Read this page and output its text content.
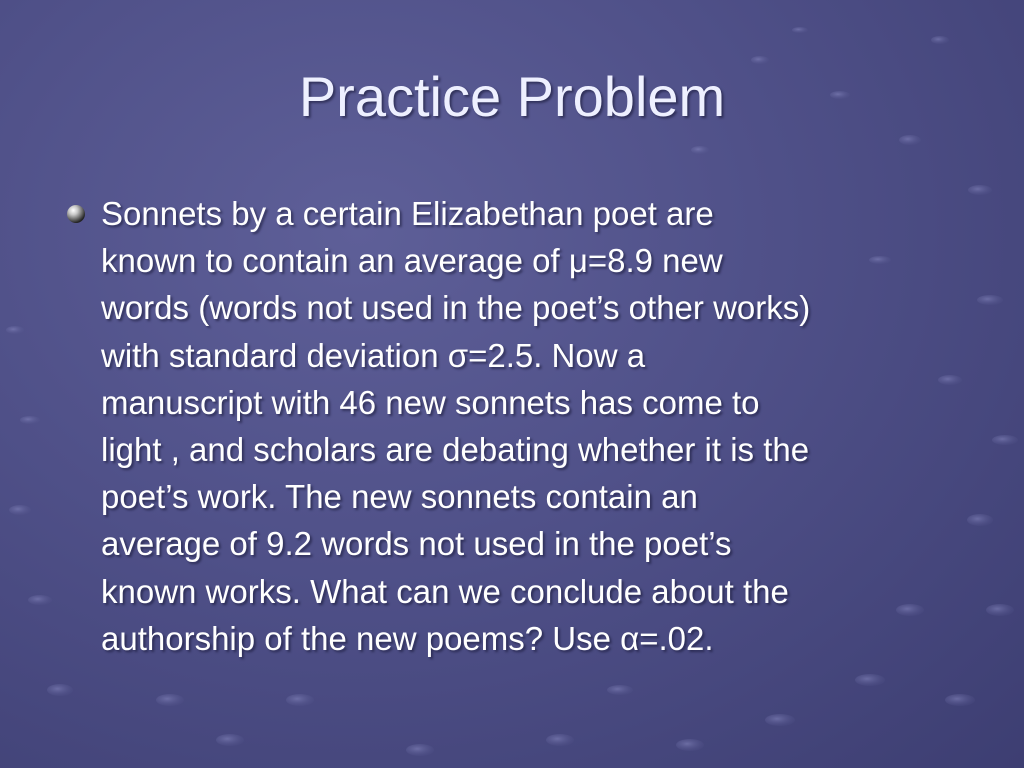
Practice Problem
Sonnets by a certain Elizabethan poet are
known to contain an average of μ=8.9 new
words (words not used in the poet’s other works)
with standard deviation σ=2.5. Now a
manuscript with 46 new sonnets has come to
light , and scholars are debating whether it is the
poet’s work. The new sonnets contain an
average of 9.2 words not used in the poet’s
known works. What can we conclude about the
authorship of the new poems? Use α=.02.
